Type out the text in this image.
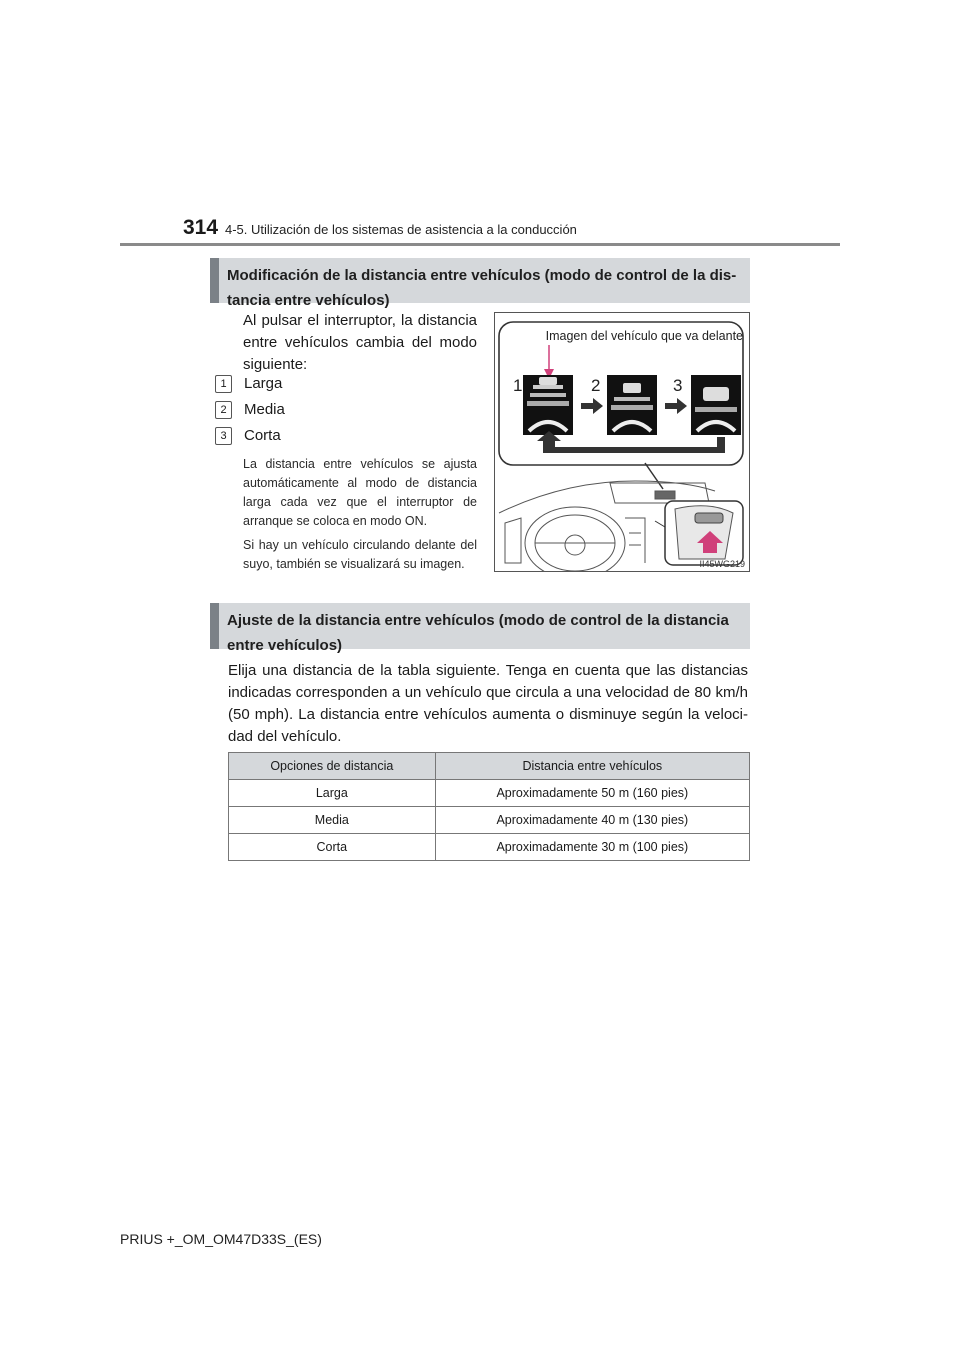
314 4-5. Utilización de los sistemas de asistencia a la conducción
Modificación de la distancia entre vehículos (modo de control de la dis-tancia entre vehículos)
Al pulsar el interruptor, la distancia entre vehículos cambia del modo siguiente:
1 Larga
2 Media
3 Corta
La distancia entre vehículos se ajusta automáticamente al modo de distancia larga cada vez que el interruptor de arranque se coloca en modo ON.
Si hay un vehículo circulando delante del suyo, también se visualizará su imagen.
Imagen del vehículo que va delante
1	2	3
II45WG219
Ajuste de la distancia entre vehículos (modo de control de la distancia entre vehículos)
Elija una distancia de la tabla siguiente. Tenga en cuenta que las distancias indicadas corresponden a un vehículo que circula a una velocidad de 80 km/h (50 mph). La distancia entre vehículos aumenta o disminuye según la veloci-dad del vehículo.
Opciones de distancia	Distancia entre vehículos
Larga	Aproximadamente 50 m (160 pies)
Media	Aproximadamente 40 m (130 pies)
Corta	Aproximadamente 30 m (100 pies)
PRIUS +_OM_OM47D33S_(ES)
